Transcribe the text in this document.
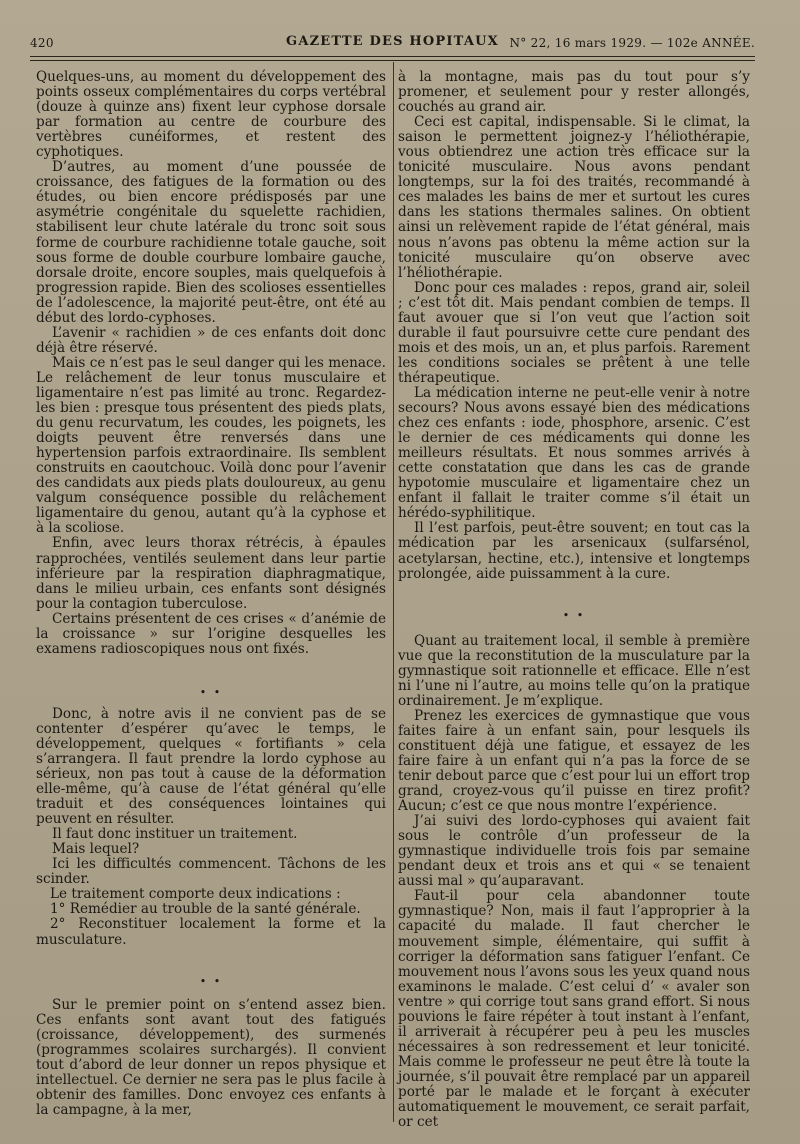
420	GAZETTE DES HOPITAUX N° 22, 16 mars 1929. — 102e ANNÉE.

Quelques-uns, au moment du développement des points osseux complémentaires du corps vertébral (douze à quinze ans) fixent leur cyphose dorsale par formation au centre de courbure des vertèbres cunéiformes, et restent des cyphotiques.

D’autres, au moment d’une poussée de croissance, des fatigues de la formation ou des études, ou bien encore prédisposés par une asymétrie congénitale du squelette rachidien, stabilisent leur chute latérale du tronc soit sous forme de courbure rachidienne totale gauche, soit sous forme de double courbure lombaire gauche, dorsale droite, encore souples, mais quelquefois à progression rapide. Bien des scolioses essentielles de l’adolescence, la majorité peut-être, ont été au début des lordo-cyphoses.

L’avenir « rachidien » de ces enfants doit donc déjà être réservé.

Mais ce n’est pas le seul danger qui les menace. Le relâchement de leur tonus musculaire et ligamentaire n’est pas limité au tronc. Regardez-les bien : presque tous présentent des pieds plats, du genu recurvatum, les coudes, les poignets, les doigts peuvent être renversés dans une hypertension parfois extraordinaire. Ils semblent construits en caoutchouc. Voilà donc pour l’avenir des candidats aux pieds plats douloureux, au genu valgum conséquence possible du relâchement ligamentaire du genou, autant qu’à la cyphose et à la scoliose.

Enfin, avec leurs thorax rétrécis, à épaules rapprochées, ventilés seulement dans leur partie inférieure par la respiration diaphragmatique, dans le milieu urbain, ces enfants sont désignés pour la contagion tuberculose.

Certains présentent de ces crises « d’anémie de la croissance » sur l’origine desquelles les examens radioscopiques nous ont fixés.

• •

Donc, à notre avis il ne convient pas de se contenter d’espérer qu’avec le temps, le développement, quelques « fortifiants » cela s’arrangera. Il faut prendre la lordo cyphose au sérieux, non pas tout à cause de la déformation elle-même, qu’à cause de l’état général qu’elle traduit et des conséquences lointaines qui peuvent en résulter.

Il faut donc instituer un traitement.

Mais lequel?

Ici les difficultés commencent. Tâchons de les scinder.

Le traitement comporte deux indications :

1° Remédier au trouble de la santé générale.

2° Reconstituer localement la forme et la musculature.

• •

Sur le premier point on s’entend assez bien. Ces enfants sont avant tout des fatigués (croissance, développement), des surmenés (programmes scolaires surchargés). Il convient tout d’abord de leur donner un repos physique et intellectuel. Ce dernier ne sera pas le plus facile à obtenir des familles. Donc envoyez ces enfants à la campagne, à la mer,

à la montagne, mais pas du tout pour s’y promener, et seulement pour y rester allongés, couchés au grand air.

Ceci est capital, indispensable. Si le climat, la saison le permettent joignez-y l’héliothérapie, vous obtiendrez une action très efficace sur la tonicité musculaire. Nous avons pendant longtemps, sur la foi des traités, recommandé à ces malades les bains de mer et surtout les cures dans les stations thermales salines. On obtient ainsi un relèvement rapide de l’état général, mais nous n’avons pas obtenu la même action sur la tonicité musculaire qu’on observe avec l’héliothérapie.

Donc pour ces malades : repos, grand air, soleil ; c’est tôt dit. Mais pendant combien de temps. Il faut avouer que si l’on veut que l’action soit durable il faut poursuivre cette cure pendant des mois et des mois, un an, et plus parfois. Rarement les conditions sociales se prêtent à une telle thérapeutique.

La médication interne ne peut-elle venir à notre secours? Nous avons essayé bien des médications chez ces enfants : iode, phosphore, arsenic. C’est le dernier de ces médicaments qui donne les meilleurs résultats. Et nous sommes arrivés à cette constatation que dans les cas de grande hypotomie musculaire et ligamentaire chez un enfant il fallait le traiter comme s’il était un hérédo-syphilitique.

Il l’est parfois, peut-être souvent; en tout cas la médication par les arsenicaux (sulfarsénol, acetylarsan, hectine, etc.), intensive et longtemps prolongée, aide puissamment à la cure.

• •

Quant au traitement local, il semble à première vue que la reconstitution de la musculature par la gymnastique soit rationnelle et efficace. Elle n’est ni l’une ni l’autre, au moins telle qu’on la pratique ordinairement. Je m’explique.

Prenez les exercices de gymnastique que vous faites faire à un enfant sain, pour lesquels ils constituent déjà une fatigue, et essayez de les faire faire à un enfant qui n’a pas la force de se tenir debout parce que c’est pour lui un effort trop grand, croyez-vous qu’il puisse en tirez profit? Aucun; c’est ce que nous montre l’expérience.

J’ai suivi des lordo-cyphoses qui avaient fait sous le contrôle d’un professeur de la gymnastique individuelle trois fois par semaine pendant deux et trois ans et qui « se tenaient aussi mal » qu’auparavant.

Faut-il pour cela abandonner toute gymnastique? Non, mais il faut l’approprier à la capacité du malade. Il faut chercher le mouvement simple, élémentaire, qui suffit à corriger la déformation sans fatiguer l’enfant. Ce mouvement nous l’avons sous les yeux quand nous examinons le malade. C’est celui d’ « avaler son ventre » qui corrige tout sans grand effort. Si nous pouvions le faire répéter à tout instant à l’enfant, il arriverait à récupérer peu à peu les muscles nécessaires à son redressement et leur tonicité. Mais comme le professeur ne peut être là toute la journée, s’il pouvait être remplacé par un appareil porté par le malade et le forçant à exécuter automatiquement le mouvement, ce serait parfait, or cet
